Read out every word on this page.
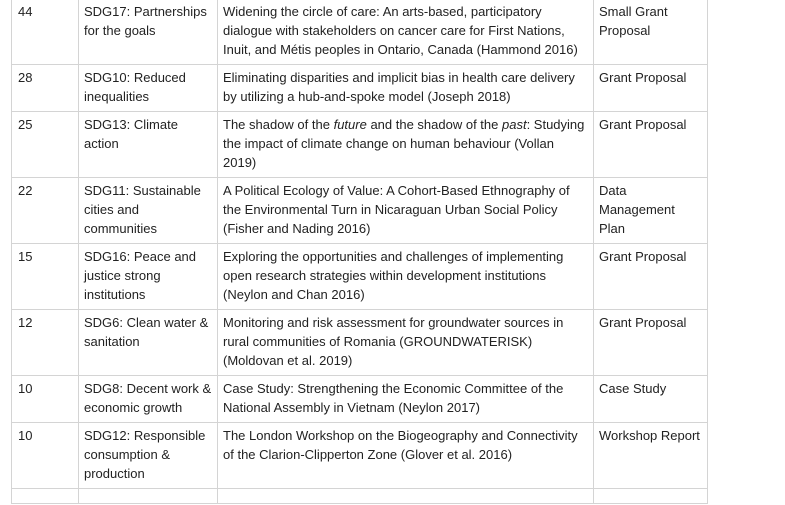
44	SDG17: Partnerships for the goals	Widening the circle of care: An arts-based, participatory dialogue with stakeholders on cancer care for First Nations, Inuit, and Métis peoples in Ontario, Canada (Hammond 2016)	Small Grant Proposal
28	SDG10: Reduced inequalities	Eliminating disparities and implicit bias in health care delivery by utilizing a hub-and-spoke model (Joseph 2018)	Grant Proposal
25	SDG13: Climate action	The shadow of the future and the shadow of the past: Studying the impact of climate change on human behaviour (Vollan 2019)	Grant Proposal
22	SDG11: Sustainable cities and communities	A Political Ecology of Value: A Cohort-Based Ethnography of the Environmental Turn in Nicaraguan Urban Social Policy (Fisher and Nading 2016)	Data Management Plan
15	SDG16: Peace and justice strong institutions	Exploring the opportunities and challenges of implementing open research strategies within development institutions (Neylon and Chan 2016)	Grant Proposal
12	SDG6: Clean water & sanitation	Monitoring and risk assessment for groundwater sources in rural communities of Romania (GROUNDWATERISK) (Moldovan et al. 2019)	Grant Proposal
10	SDG8: Decent work & economic growth	Case Study: Strengthening the Economic Committee of the National Assembly in Vietnam (Neylon 2017)	Case Study
10	SDG12: Responsible consumption & production	The London Workshop on the Biogeography and Connectivity of the Clarion-Clipperton Zone (Glover et al. 2016)	Workshop Report
